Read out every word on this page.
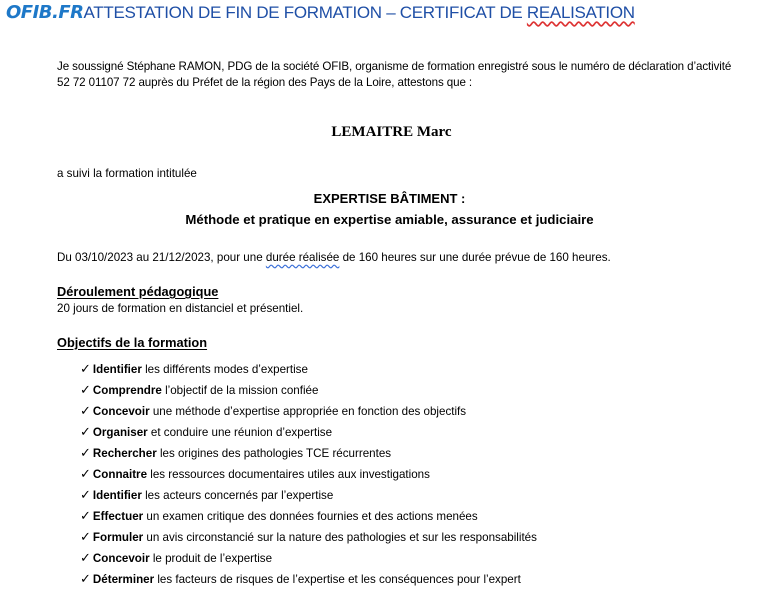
OFIB.FRATTESTATION DE FIN DE FORMATION – CERTIFICAT DE REALISATION
Je soussigné Stéphane RAMON, PDG de la société OFIB, organisme de formation enregistré sous le numéro de déclaration d’activité 52 72 01107 72 auprès du Préfet de la région des Pays de la Loire, attestons que :
LEMAITRE Marc
a suivi la formation intitulée
EXPERTISE BÂTIMENT :
Méthode et pratique en expertise amiable, assurance et judiciaire
Du 03/10/2023 au 21/12/2023, pour une durée réalisée de 160 heures sur une durée prévue de 160 heures.
Déroulement pédagogique
20 jours de formation en distanciel et présentiel.
Objectifs de la formation
✓ Identifier les différents modes d’expertise
✓ Comprendre l’objectif de la mission confiée
✓ Concevoir une méthode d’expertise appropriée en fonction des objectifs
✓ Organiser et conduire une réunion d’expertise
✓ Rechercher les origines des pathologies TCE récurrentes
✓ Connaitre les ressources documentaires utiles aux investigations
✓ Identifier les acteurs concernés par l’expertise
✓ Effectuer un examen critique des données fournies et des actions menées
✓ Formuler un avis circonstancié sur la nature des pathologies et sur les responsabilités
✓ Concevoir le produit de l’expertise
✓ Déterminer les facteurs de risques de l’expertise et les conséquences pour l’expert
